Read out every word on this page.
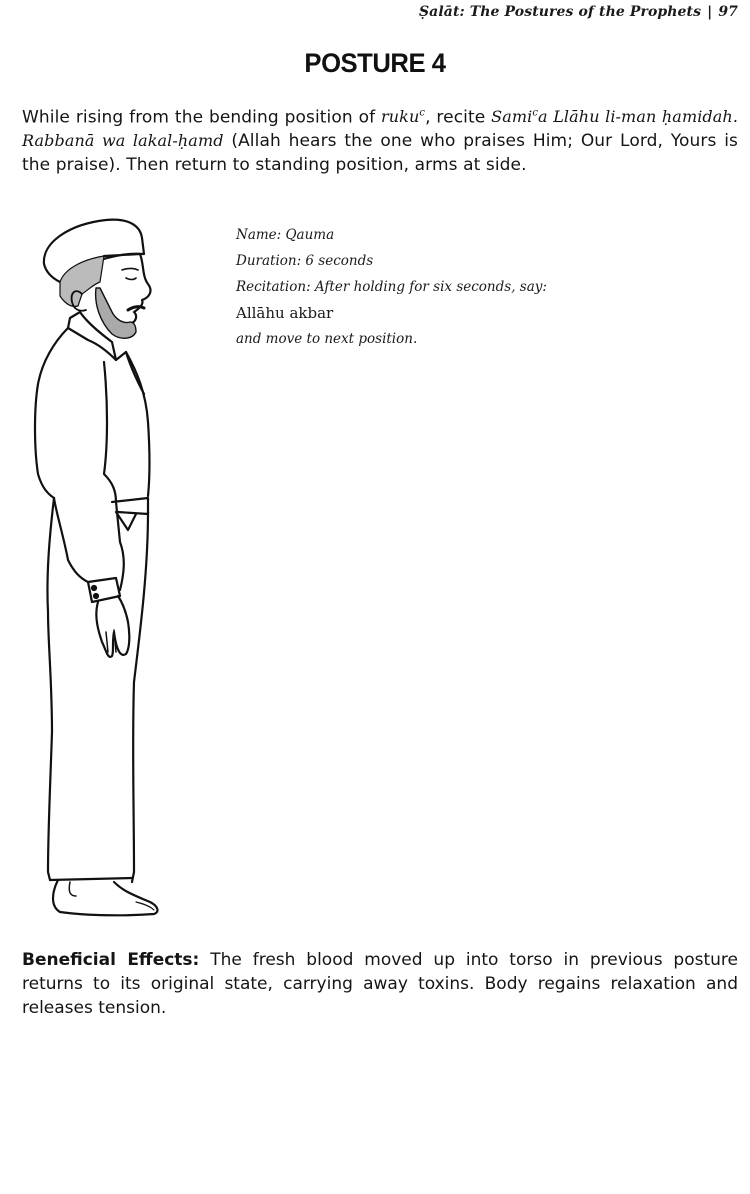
Ṣalāt: The Postures of the Prophets | 97
POSTURE 4
While rising from the bending position of ruku$^c$, recite Sami$^c$a Llāhu li-man ḥamidah. Rabbanā wa lakal-ḥamd (Allah hears the one who praises Him; Our Lord, Yours is the praise). Then return to standing position, arms at side.
Name: Qauma
Duration: 6 seconds
Recitation: After holding for six seconds, say:
Allāhu akbar
and move to next position.
Beneficial Effects: The fresh blood moved up into torso in previous posture returns to its original state, carrying away toxins. Body regains relaxation and releases tension.
